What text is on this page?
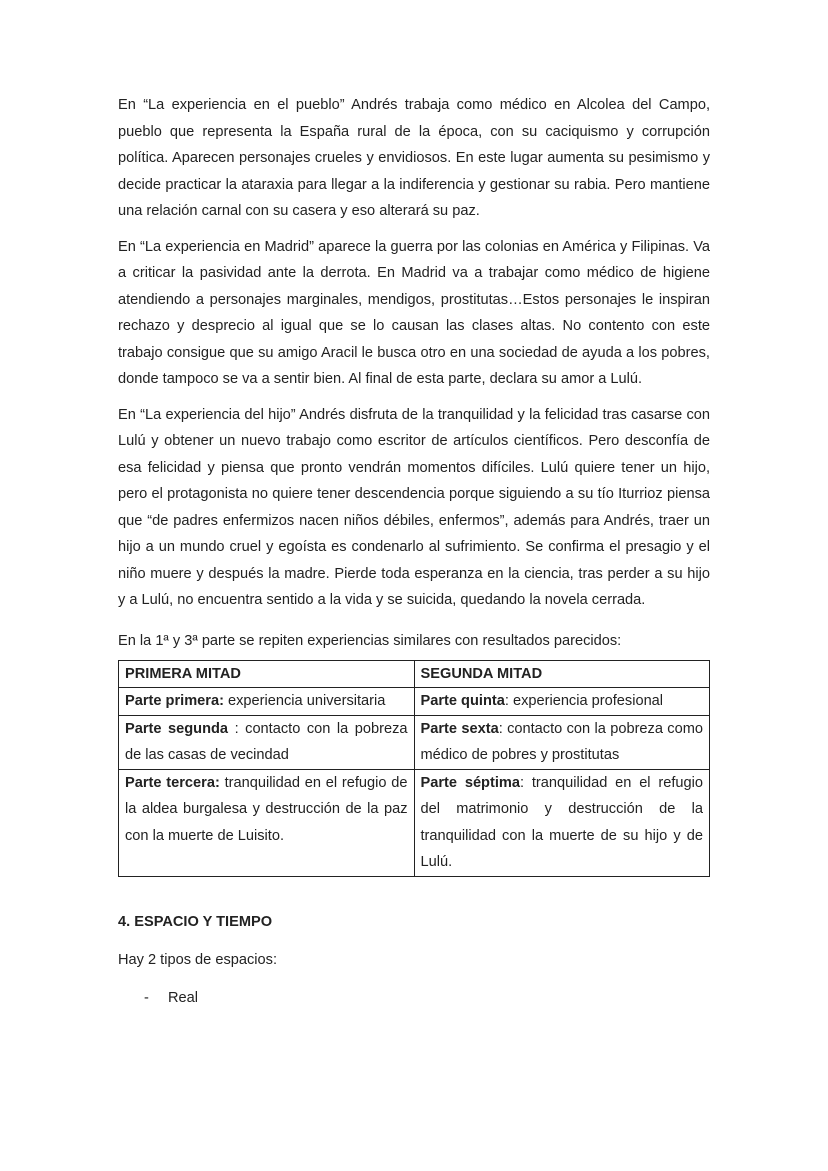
En “La experiencia en el pueblo” Andrés trabaja como médico en Alcolea del Campo, pueblo que representa la España rural de la época, con su caciquismo y corrupción política. Aparecen personajes crueles y envidiosos. En este lugar aumenta su pesimismo y decide practicar la ataraxia para llegar a la indiferencia y gestionar su rabia. Pero mantiene una relación carnal con su casera y eso alterará su paz.

En “La experiencia en Madrid” aparece la guerra por las colonias en América y Filipinas. Va a criticar la pasividad ante la derrota. En Madrid va a trabajar como médico de higiene atendiendo a personajes marginales, mendigos, prostitutas…Estos personajes le inspiran rechazo y desprecio al igual que se lo causan las clases altas. No contento con este trabajo consigue que su amigo Aracil le busca otro en una sociedad de ayuda a los pobres, donde tampoco se va a sentir bien. Al final de esta parte, declara su amor a Lulú.

En “La experiencia del hijo” Andrés disfruta de la tranquilidad y la felicidad tras casarse con Lulú y obtener un nuevo trabajo como escritor de artículos científicos. Pero desconfía de esa felicidad y piensa que pronto vendrán momentos difíciles. Lulú quiere tener un hijo, pero el protagonista no quiere tener descendencia porque siguiendo a su tío Iturrioz piensa que “de padres enfermizos nacen niños débiles, enfermos”, además para Andrés, traer un hijo a un mundo cruel y egoísta es condenarlo al sufrimiento. Se confirma el presagio y el niño muere y después la madre. Pierde toda esperanza en la ciencia, tras perder a su hijo y a Lulú, no encuentra sentido a la vida y se suicida, quedando la novela cerrada.

En la 1ª y 3ª parte se repiten experiencias similares con resultados parecidos:

PRIMERA MITAD	SEGUNDA MITAD
Parte primera: experiencia universitaria	Parte quinta: experiencia profesional
Parte segunda : contacto con la pobreza de las casas de vecindad	Parte sexta: contacto con la pobreza como médico de pobres y prostitutas
Parte tercera: tranquilidad en el refugio de la aldea burgalesa y destrucción de la paz con la muerte de Luisito.	Parte séptima: tranquilidad en el refugio del matrimonio y destrucción de la tranquilidad con la muerte de su hijo y de Lulú.
4. ESPACIO Y TIEMPO

Hay 2 tipos de espacios:

- Real
